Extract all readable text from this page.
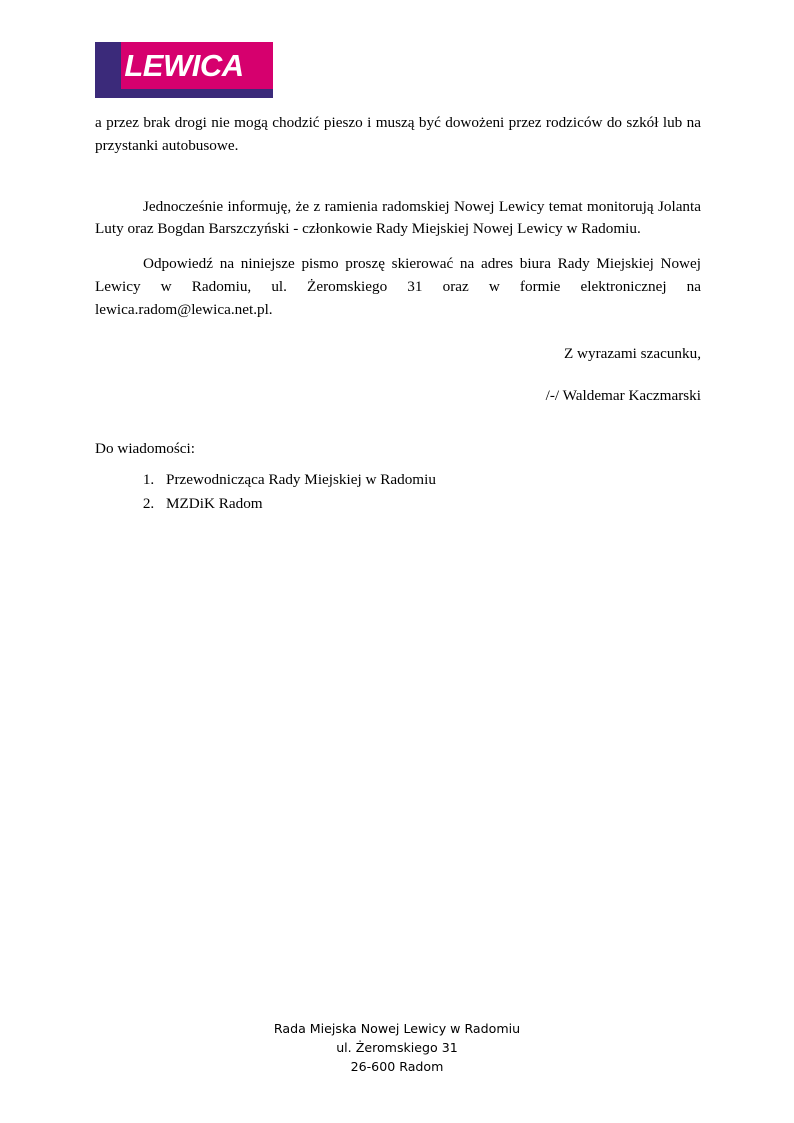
LEWICA

a przez brak drogi nie mogą chodzić pieszo i muszą być dowożeni przez rodziców do szkół lub na przystanki autobusowe.

Jednocześnie informuję, że z ramienia radomskiej Nowej Lewicy temat monitorują Jolanta Luty oraz Bogdan Barszczyński - członkowie Rady Miejskiej Nowej Lewicy w Radomiu.

Odpowiedź na niniejsze pismo proszę skierować na adres biura Rady Miejskiej Nowej Lewicy w Radomiu, ul. Żeromskiego 31 oraz w formie elektronicznej na lewica.radom@lewica.net.pl.

Z wyrazami szacunku,
/-/ Waldemar Kaczmarski
Do wiadomości:
1. Przewodnicząca Rady Miejskiej w Radomiu
2. MZDiK Radom
Rada Miejska Nowej Lewicy w Radomiu
ul. Żeromskiego 31
26-600 Radom
